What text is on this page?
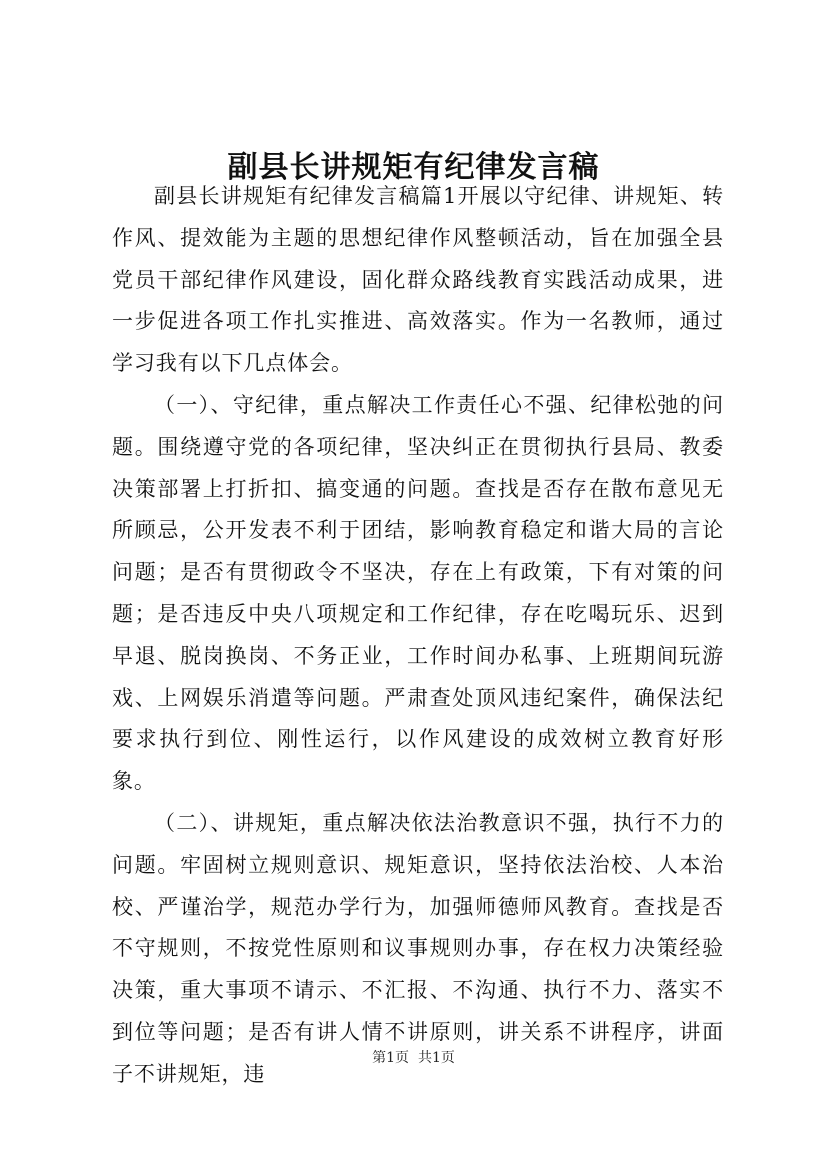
副县长讲规矩有纪律发言稿

副县长讲规矩有纪律发言稿篇1开展以守纪律、讲规矩、转作风、提效能为主题的思想纪律作风整顿活动，旨在加强全县党员干部纪律作风建设，固化群众路线教育实践活动成果，进一步促进各项工作扎实推进、高效落实。作为一名教师，通过学习我有以下几点体会。

（一）、守纪律，重点解决工作责任心不强、纪律松弛的问题。围绕遵守党的各项纪律，坚决纠正在贯彻执行县局、教委决策部署上打折扣、搞变通的问题。查找是否存在散布意见无所顾忌，公开发表不利于团结，影响教育稳定和谐大局的言论问题；是否有贯彻政令不坚决，存在上有政策，下有对策的问题；是否违反中央八项规定和工作纪律，存在吃喝玩乐、迟到早退、脱岗换岗、不务正业，工作时间办私事、上班期间玩游戏、上网娱乐消遣等问题。严肃查处顶风违纪案件，确保法纪要求执行到位、刚性运行，以作风建设的成效树立教育好形象。

（二）、讲规矩，重点解决依法治教意识不强，执行不力的问题。牢固树立规则意识、规矩意识，坚持依法治校、人本治校、严谨治学，规范办学行为，加强师德师风教育。查找是否不守规则，不按党性原则和议事规则办事，存在权力决策经验决策，重大事项不请示、不汇报、不沟通、执行不力、落实不到位等问题；是否有讲人情不讲原则，讲关系不讲程序，讲面子不讲规矩，违

第1页  共1页
